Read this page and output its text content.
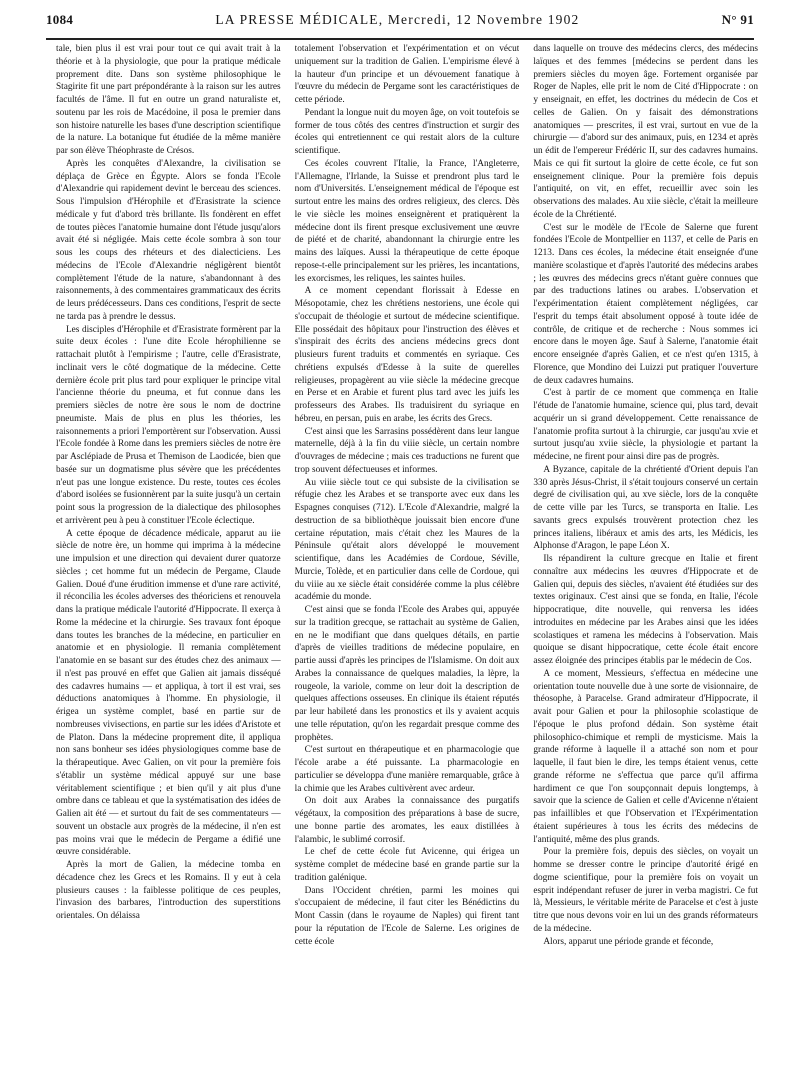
1084	LA PRESSE MÉDICALE, Mercredi, 12 Novembre 1902	N° 91

tale, bien plus il est vrai pour tout ce qui avait trait à la théorie et à la physiologie, que pour la pratique médicale proprement dite. Dans son système philosophique le Stagirite fit une part prépondérante à la raison sur les autres facultés de l'âme. Il fut en outre un grand naturaliste et, soutenu par les rois de Macédoine, il posa le premier dans son histoire naturelle les bases d'une description scientifique de la nature. La botanique fut étudiée de la même manière par son élève Théophraste de Crésos.

Après les conquêtes d'Alexandre, la civilisation se déplaça de Grèce en Égypte. Alors se fonda l'Ecole d'Alexandrie qui rapidement devint le berceau des sciences. Sous l'impulsion d'Hérophile et d'Erasistrate la science médicale y fut d'abord très brillante. Ils fondèrent en effet de toutes pièces l'anatomie humaine dont l'étude jusqu'alors avait été si négligée. Mais cette école sombra à son tour sous les coups des rhéteurs et des dialecticiens. Les médecins de l'Ecole d'Alexandrie négligèrent bientôt complètement l'étude de la nature, s'abandonnant à des raisonnements, à des commentaires grammaticaux des écrits de leurs prédécesseurs. Dans ces conditions, l'esprit de secte ne tarda pas à prendre le dessus.

Les disciples d'Hérophile et d'Erasistrate formèrent par la suite deux écoles : l'une dite Ecole hérophilienne se rattachait plutôt à l'empirisme ; l'autre, celle d'Erasistrate, inclinait vers le côté dogmatique de la médecine. Cette dernière école prit plus tard pour expliquer le principe vital l'ancienne théorie du pneuma, et fut connue dans les premiers siècles de notre ère sous le nom de doctrine pneumiste. Mais de plus en plus les théories, les raisonnements a priori l'emportèrent sur l'observation. Aussi l'Ecole fondée à Rome dans les premiers siècles de notre ère par Asclépiade de Prusa et Themison de Laodicée, bien que basée sur un dogmatisme plus sévère que les précédentes n'eut pas une longue existence. Du reste, toutes ces écoles d'abord isolées se fusionnèrent par la suite jusqu'à un certain point sous la progression de la dialectique des philosophes et arrivèrent peu à peu à constituer l'Ecole éclectique.

A cette époque de décadence médicale, apparut au iie siècle de notre ère, un homme qui imprima à la médecine une impulsion et une direction qui devaient durer quatorze siècles ; cet homme fut un médecin de Pergame, Claude Galien. Doué d'une érudition immense et d'une rare activité, il réconcilia les écoles adverses des théoriciens et renouvela dans la pratique médicale l'autorité d'Hippocrate. Il exerça à Rome la médecine et la chirurgie. Ses travaux font époque dans toutes les branches de la médecine, en particulier en anatomie et en physiologie. Il remania complètement l'anatomie en se basant sur des études chez des animaux — il n'est pas prouvé en effet que Galien ait jamais disséqué des cadavres humains — et appliqua, à tort il est vrai, ses déductions anatomiques à l'homme. En physiologie, il érigea un système complet, basé en partie sur de nombreuses vivisections, en partie sur les idées d'Aristote et de Platon. Dans la médecine proprement dite, il appliqua non sans bonheur ses idées physiologiques comme base de la thérapeutique. Avec Galien, on vit pour la première fois s'établir un système médical appuyé sur une base véritablement scientifique ; et bien qu'il y ait plus d'une ombre dans ce tableau et que la systématisation des idées de Galien ait été — et surtout du fait de ses commentateurs — souvent un obstacle aux progrès de la médecine, il n'en est pas moins vrai que le médecin de Pergame a édifié une œuvre considérable.

Après la mort de Galien, la médecine tomba en décadence chez les Grecs et les Romains. Il y eut à cela plusieurs causes : la faiblesse politique de ces peuples, l'invasion des barbares, l'introduction des superstitions orientales. On délaissa

totalement l'observation et l'expérimentation et on vécut uniquement sur la tradition de Galien. L'empirisme élevé à la hauteur d'un principe et un dévouement fanatique à l'œuvre du médecin de Pergame sont les caractéristiques de cette période.

Pendant la longue nuit du moyen âge, on voit toutefois se former de tous côtés des centres d'instruction et surgir des écoles qui entretiennent ce qui restait alors de la culture scientifique.

Ces écoles couvrent l'Italie, la France, l'Angleterre, l'Allemagne, l'Irlande, la Suisse et prendront plus tard le nom d'Universités. L'enseignement médical de l'époque est surtout entre les mains des ordres religieux, des clercs. Dès le vie siècle les moines enseignèrent et pratiquèrent la médecine dont ils firent presque exclusivement une œuvre de piété et de charité, abandonnant la chirurgie entre les mains des laïques. Aussi la thérapeutique de cette époque repose-t-elle principalement sur les prières, les incantations, les exorcismes, les reliques, les saintes huiles.

A ce moment cependant florissait à Edesse en Mésopotamie, chez les chrétiens nestoriens, une école qui s'occupait de théologie et surtout de médecine scientifique. Elle possédait des hôpitaux pour l'instruction des élèves et s'inspirait des écrits des anciens médecins grecs dont plusieurs furent traduits et commentés en syriaque. Ces chrétiens expulsés d'Edesse à la suite de querelles religieuses, propagèrent au viie siècle la médecine grecque en Perse et en Arabie et furent plus tard avec les juifs les professeurs des Arabes. Ils traduisirent du syriaque en hébreu, en persan, puis en arabe, les écrits des Grecs.

C'est ainsi que les Sarrasins possédèrent dans leur langue maternelle, déjà à la fin du viiie siècle, un certain nombre d'ouvrages de médecine ; mais ces traductions ne furent que trop souvent défectueuses et informes.

Au viiie siècle tout ce qui subsiste de la civilisation se réfugie chez les Arabes et se transporte avec eux dans les Espagnes conquises (712). L'Ecole d'Alexandrie, malgré la destruction de sa bibliothèque jouissait bien encore d'une certaine réputation, mais c'était chez les Maures de la Péninsule qu'était alors développé le mouvement scientifique, dans les Académies de Cordoue, Séville, Murcie, Tolède, et en particulier dans celle de Cordoue, qui du viiie au xe siècle était considérée comme la plus célèbre académie du monde.

C'est ainsi que se fonda l'Ecole des Arabes qui, appuyée sur la tradition grecque, se rattachait au système de Galien, en ne le modifiant que dans quelques détails, en partie d'après de vieilles traditions de médecine populaire, en partie aussi d'après les principes de l'Islamisme. On doit aux Arabes la connaissance de quelques maladies, la lèpre, la rougeole, la variole, comme on leur doit la description de quelques affections osseuses. En clinique ils étaient réputés par leur habileté dans les pronostics et ils y avaient acquis une telle réputation, qu'on les regardait presque comme des prophètes.

C'est surtout en thérapeutique et en pharmacologie que l'école arabe a été puissante. La pharmacologie en particulier se développa d'une manière remarquable, grâce à la chimie que les Arabes cultivèrent avec ardeur.

On doit aux Arabes la connaissance des purgatifs végétaux, la composition des préparations à base de sucre, une bonne partie des aromates, les eaux distillées à l'alambic, le sublimé corrosif.

Le chef de cette école fut Avicenne, qui érigea un système complet de médecine basé en grande partie sur la tradition galénique.

Dans l'Occident chrétien, parmi les moines qui s'occupaient de médecine, il faut citer les Bénédictins du Mont Cassin (dans le royaume de Naples) qui firent tant pour la réputation de l'Ecole de Salerne. Les origines de cette école

dans laquelle on trouve des médecins clercs, des médecins laïques et des femmes [médecins se perdent dans les premiers siècles du moyen âge. Fortement organisée par Roger de Naples, elle prit le nom de Cité d'Hippocrate : on y enseignait, en effet, les doctrines du médecin de Cos et celles de Galien. On y faisait des démonstrations anatomiques — prescrites, il est vrai, surtout en vue de la chirurgie — d'abord sur des animaux, puis, en 1234 et après un édit de l'empereur Frédéric II, sur des cadavres humains. Mais ce qui fit surtout la gloire de cette école, ce fut son enseignement clinique. Pour la première fois depuis l'antiquité, on vit, en effet, recueillir avec soin les observations des malades. Au xiie siècle, c'était la meilleure école de la Chrétienté.

C'est sur le modèle de l'Ecole de Salerne que furent fondées l'Ecole de Montpellier en 1137, et celle de Paris en 1213. Dans ces écoles, la médecine était enseignée d'une manière scolastique et d'après l'autorité des médecins arabes ; les œuvres des médecins grecs n'étant guère connues que par des traductions latines ou arabes. L'observation et l'expérimentation étaient complètement négligées, car l'esprit du temps était absolument opposé à toute idée de contrôle, de critique et de recherche : Nous sommes ici encore dans le moyen âge. Sauf à Salerne, l'anatomie était encore enseignée d'après Galien, et ce n'est qu'en 1315, à Florence, que Mondino dei Luizzi put pratiquer l'ouverture de deux cadavres humains.

C'est à partir de ce moment que commença en Italie l'étude de l'anatomie humaine, science qui, plus tard, devait acquérir un si grand développement. Cette renaissance de l'anatomie profita surtout à la chirurgie, car jusqu'au xvie et surtout jusqu'au xviie siècle, la physiologie et partant la médecine, ne firent pour ainsi dire pas de progrès.

A Byzance, capitale de la chrétienté d'Orient depuis l'an 330 après Jésus-Christ, il s'était toujours conservé un certain degré de civilisation qui, au xve siècle, lors de la conquête de cette ville par les Turcs, se transporta en Italie. Les savants grecs expulsés trouvèrent protection chez les princes italiens, libéraux et amis des arts, les Médicis, les Alphonse d'Aragon, le pape Léon X.

Ils répandirent la culture grecque en Italie et firent connaître aux médecins les œuvres d'Hippocrate et de Galien qui, depuis des siècles, n'avaient été étudiées sur des textes originaux. C'est ainsi que se fonda, en Italie, l'école hippocratique, dite nouvelle, qui renversa les idées introduites en médecine par les Arabes ainsi que les idées scolastiques et ramena les médecins à l'observation. Mais quoique se disant hippocratique, cette école était encore assez éloignée des principes établis par le médecin de Cos.

A ce moment, Messieurs, s'effectua en médecine une orientation toute nouvelle due à une sorte de visionnaire, de théosophe, à Paracelse. Grand admirateur d'Hippocrate, il avait pour Galien et pour la philosophie scolastique de l'époque le plus profond dédain. Son système était philosophico-chimique et rempli de mysticisme. Mais la grande réforme à laquelle il a attaché son nom et pour laquelle, il faut bien le dire, les temps étaient venus, cette grande réforme ne s'effectua que parce qu'il affirma hardiment ce que l'on soupçonnait depuis longtemps, à savoir que la science de Galien et celle d'Avicenne n'étaient pas infaillibles et que l'Observation et l'Expérimentation étaient supérieures à tous les écrits des médecins de l'antiquité, même des plus grands.

Pour la première fois, depuis des siècles, on voyait un homme se dresser contre le principe d'autorité érigé en dogme scientifique, pour la première fois on voyait un esprit indépendant refuser de jurer in verba magistri. Ce fut là, Messieurs, le véritable mérite de Paracelse et c'est à juste titre que nous devons voir en lui un des grands réformateurs de la médecine.

Alors, apparut une période grande et féconde,
